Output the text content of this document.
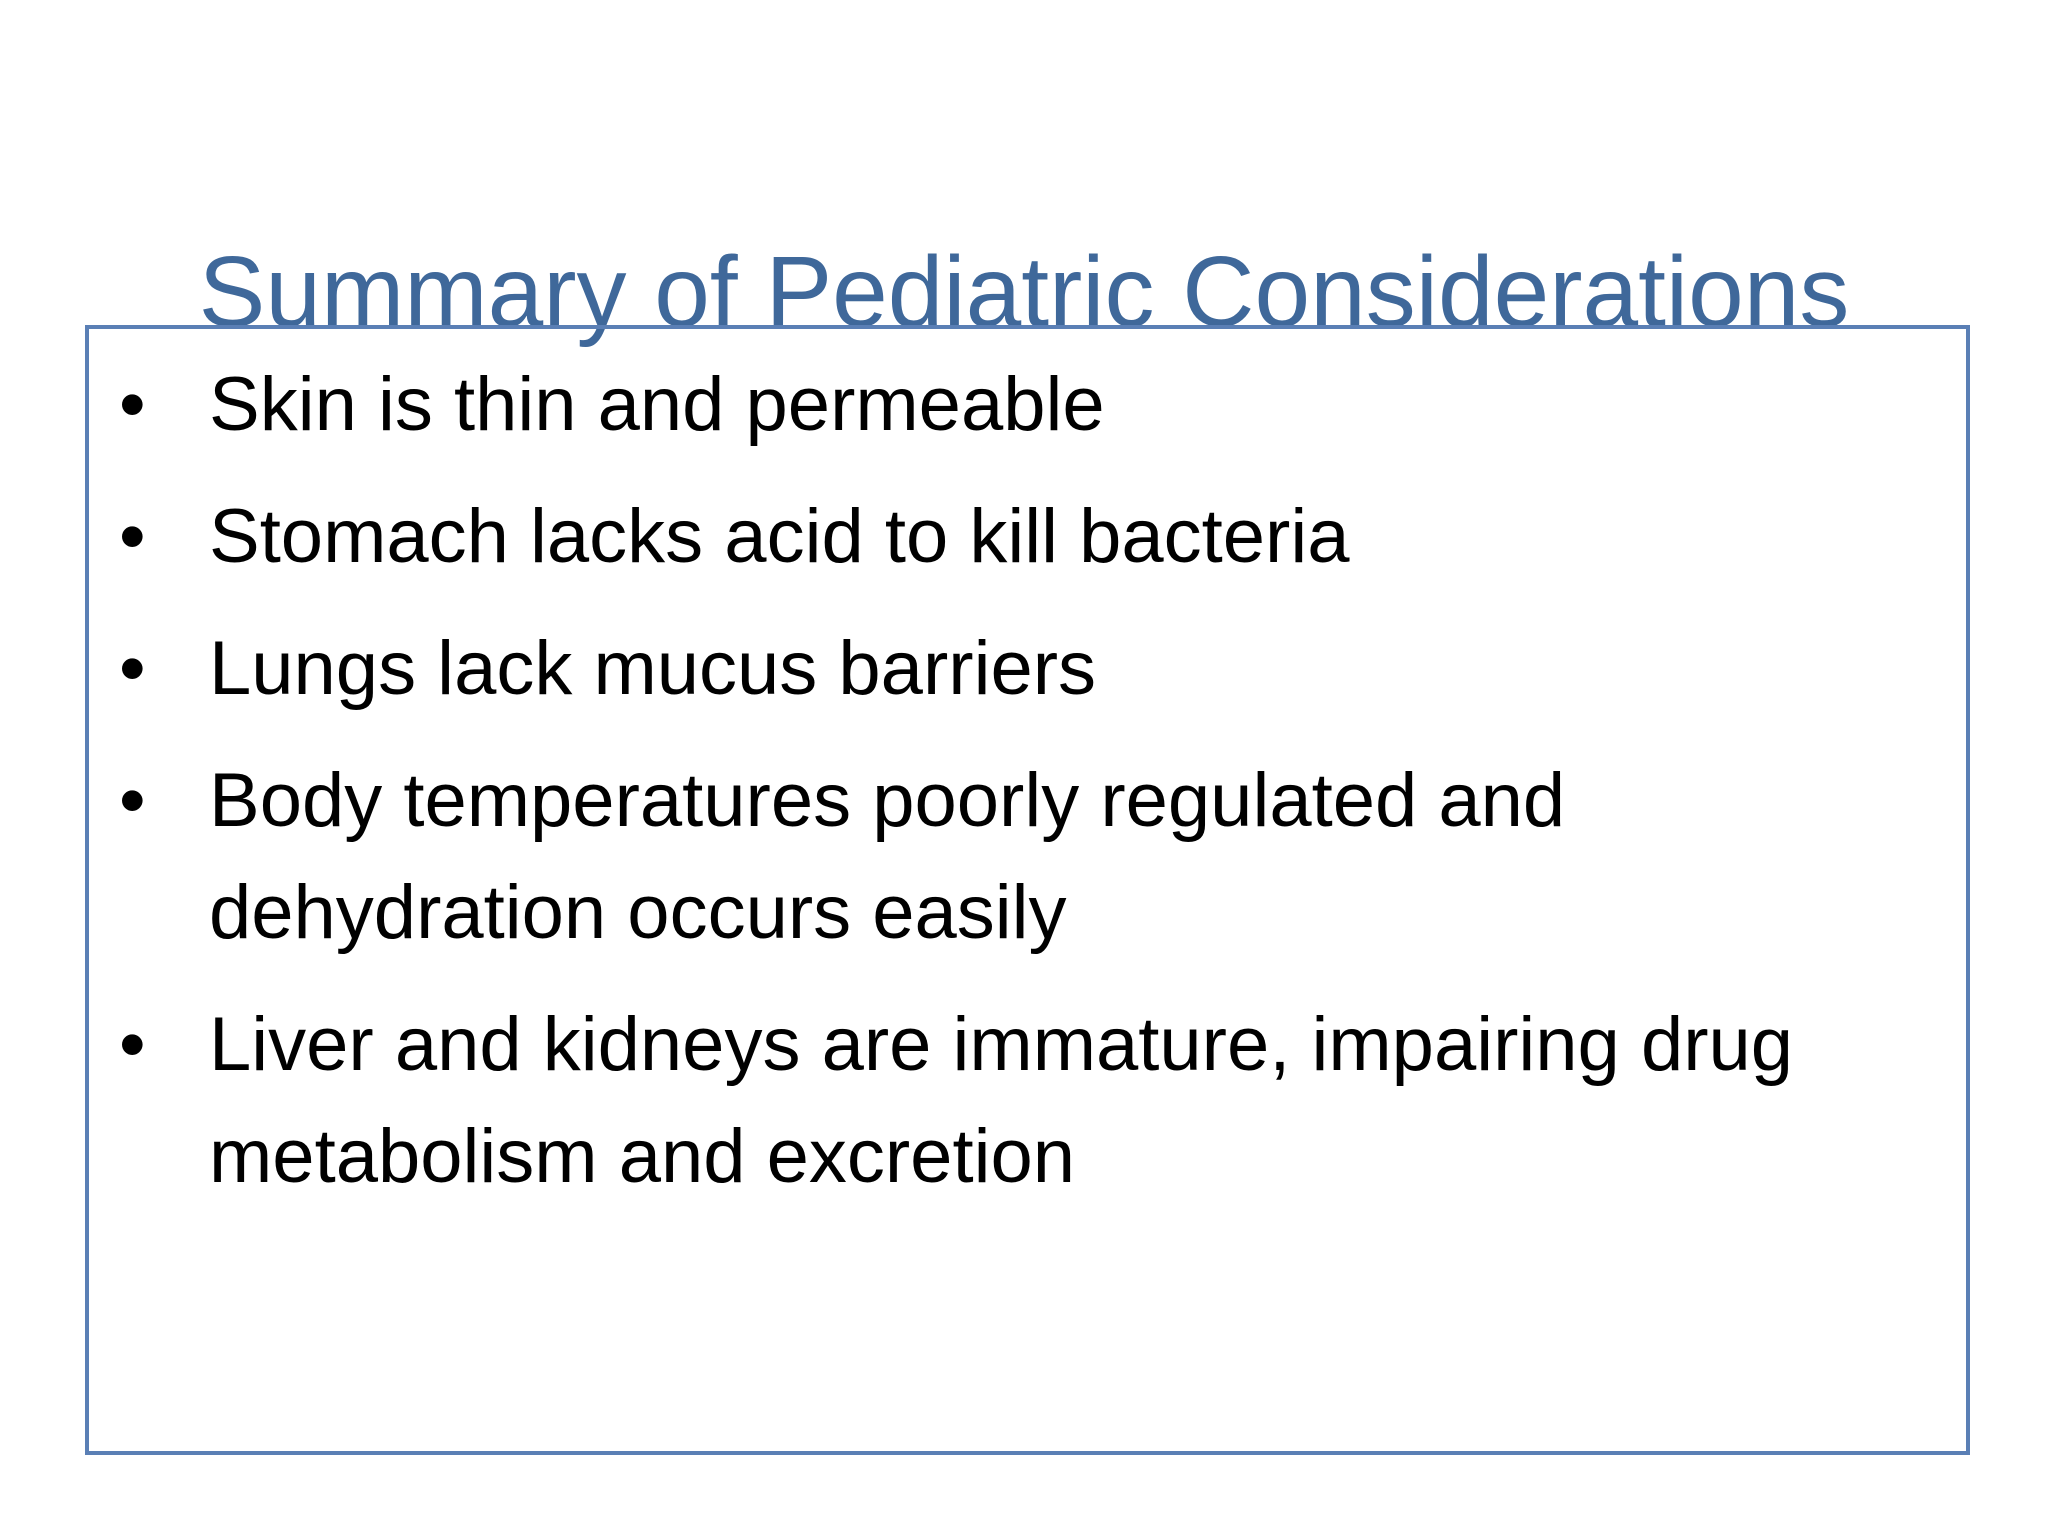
Summary of Pediatric Considerations
• Skin is thin and permeable
• Stomach lacks acid to kill bacteria
• Lungs lack mucus barriers
• Body temperatures poorly regulated and dehydration occurs easily
• Liver and kidneys are immature, impairing drug metabolism and excretion
